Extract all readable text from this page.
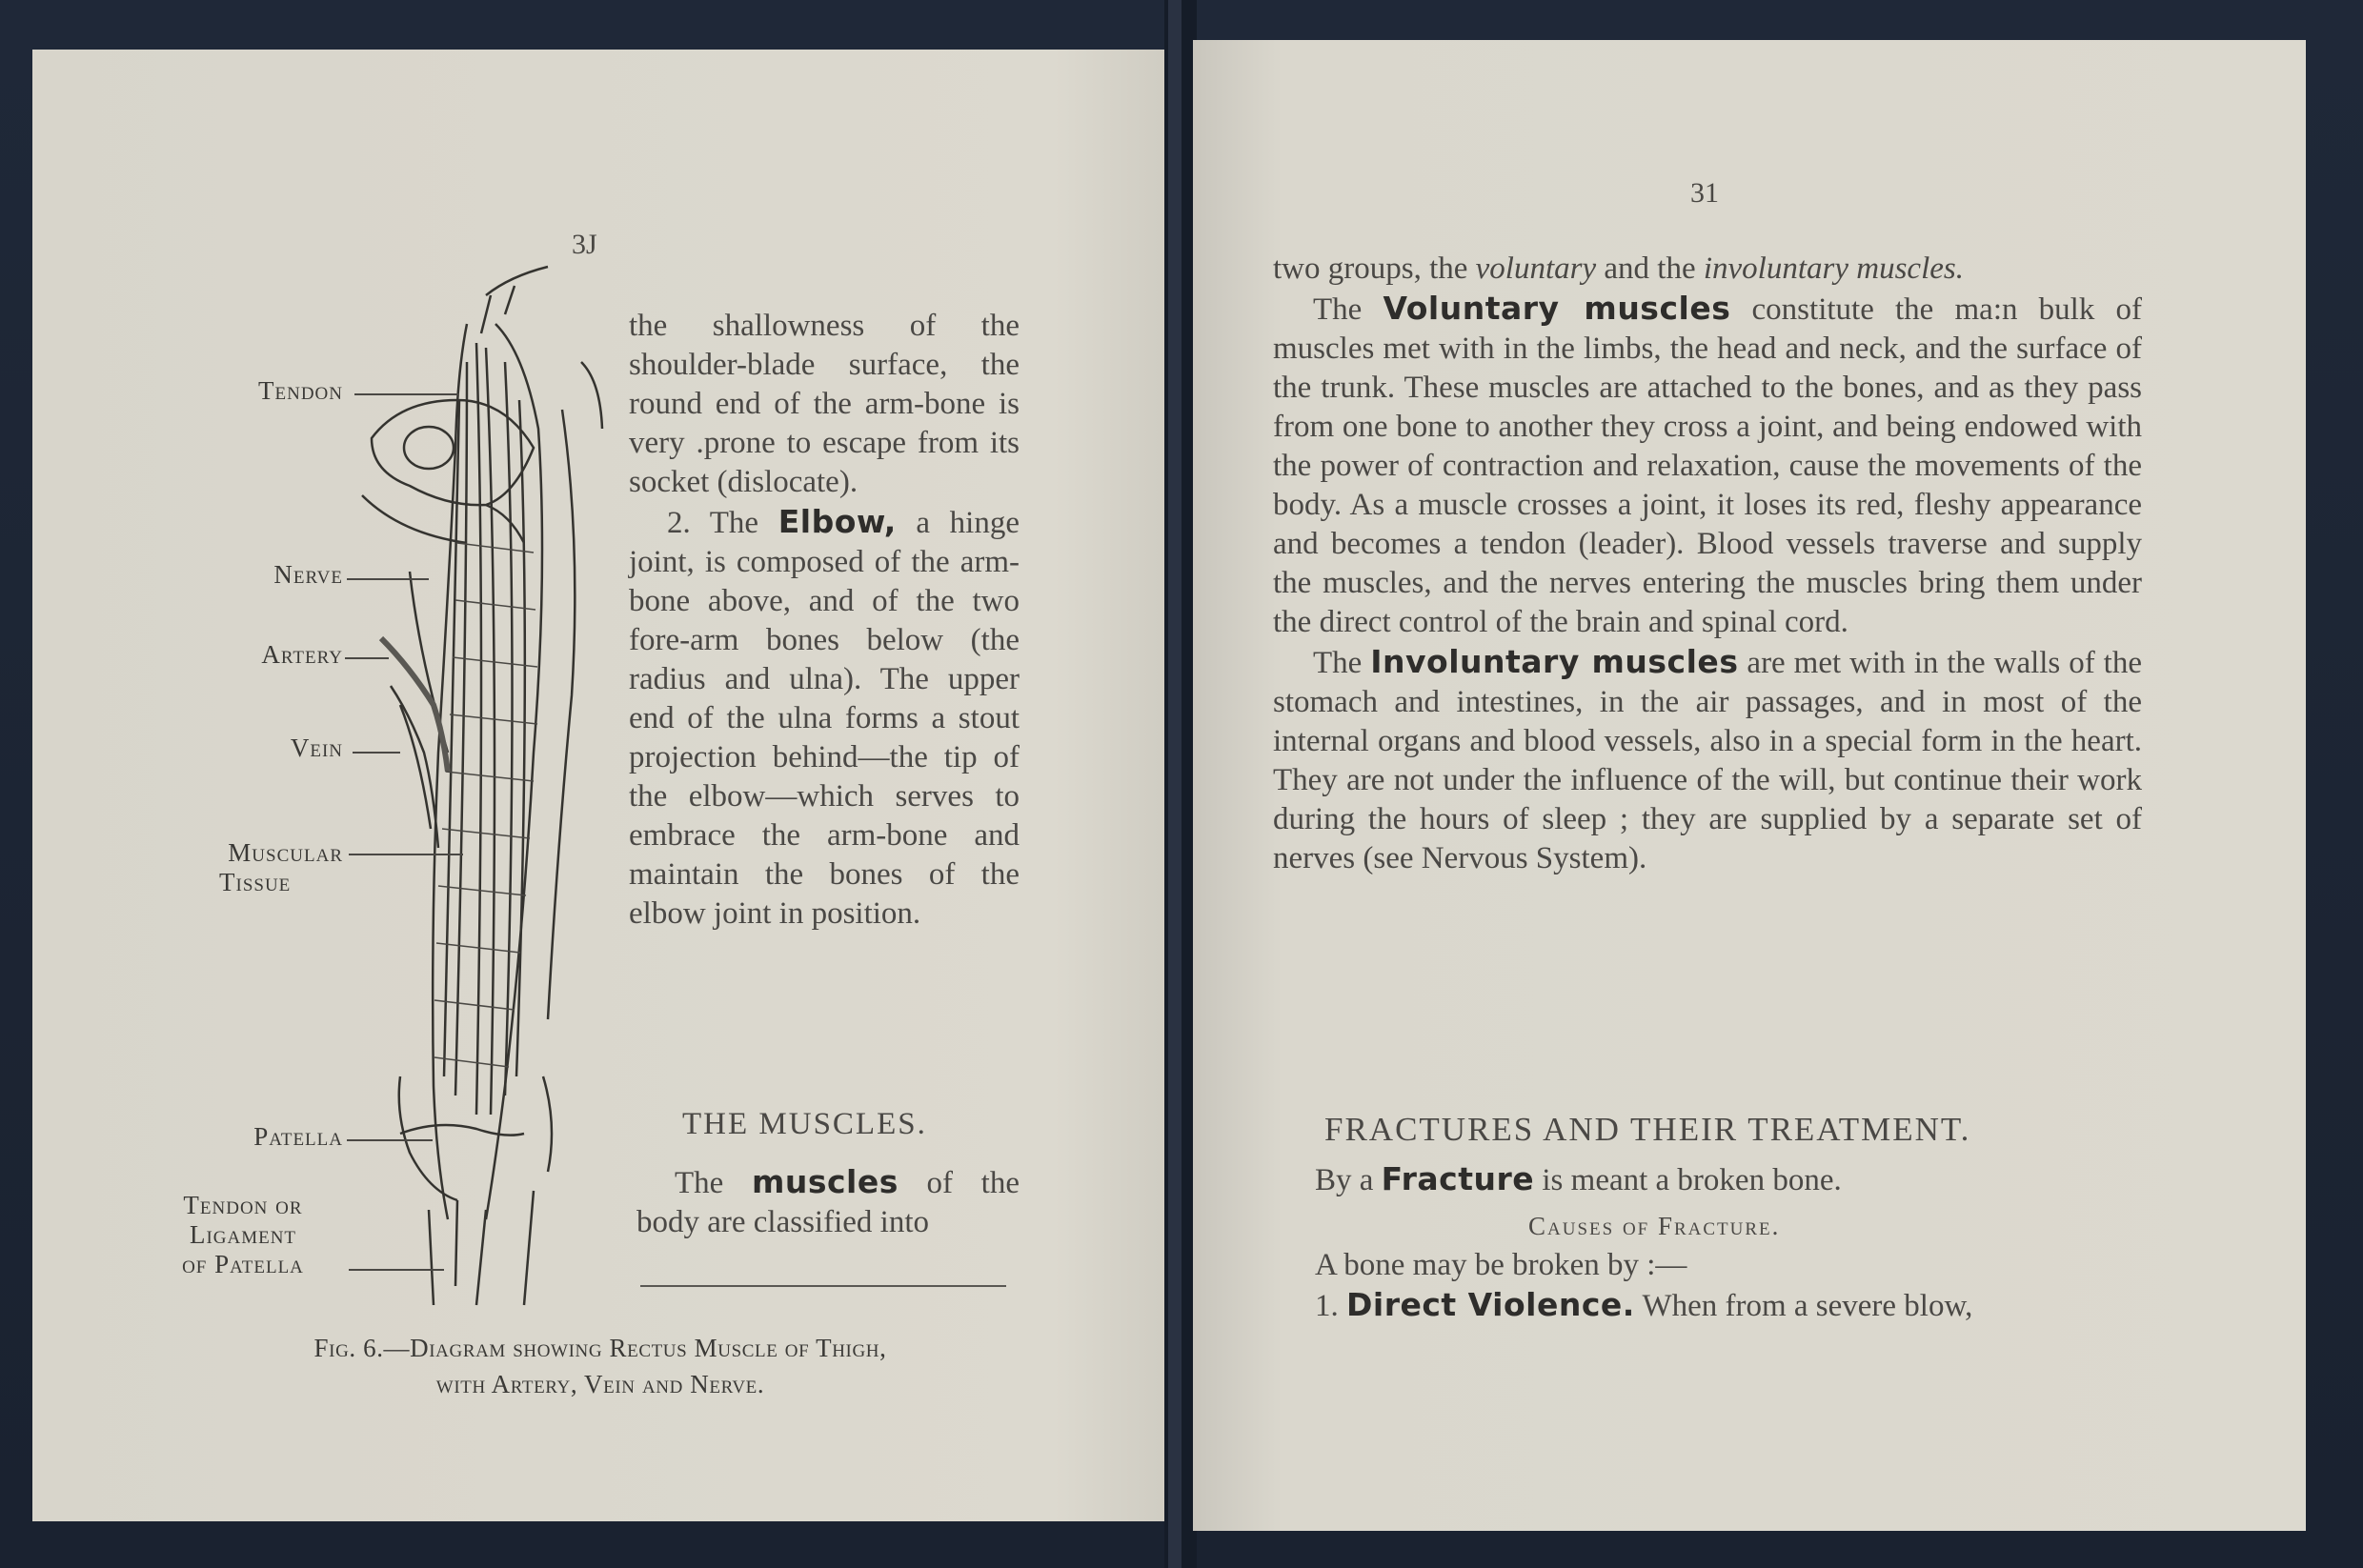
3J
Tendon
Nerve
Artery
Vein
Muscular
Tissue
Patella
Tendon or
Ligament
of Patella

the shallowness of the shoulder-blade surface, the round end of the arm-bone is very .prone to escape from its socket (dislocate).

2. The Elbow, a hinge joint, is composed of the arm-bone above, and of the two fore-arm bones below (the radius and ulna). The upper end of the ulna forms a stout projection behind—the tip of the elbow—which serves to embrace the arm-bone and maintain the bones of the elbow joint in position.

THE MUSCLES.
The muscles of the body are classified into
Fig. 6.—Diagram showing Rectus Muscle of Thigh,
with Artery, Vein and Nerve.
31

two groups, the voluntary and the involuntary muscles.

The Voluntary muscles constitute the ma:n bulk of muscles met with in the limbs, the head and neck, and the surface of the trunk. These muscles are attached to the bones, and as they pass from one bone to another they cross a joint, and being endowed with the power of contraction and relaxation, cause the movements of the body. As a muscle crosses a joint, it loses its red, fleshy appearance and becomes a tendon (leader). Blood vessels traverse and supply the muscles, and the nerves entering the muscles bring them under the direct control of the brain and spinal cord.

The Involuntary muscles are met with in the walls of the stomach and intestines, in the air passages, and in most of the internal organs and blood vessels, also in a special form in the heart. They are not under the influence of the will, but continue their work during the hours of sleep ; they are supplied by a separate set of nerves (see Nervous System).

FRACTURES AND THEIR TREATMENT.
By a Fracture is meant a broken bone.
Causes of Fracture.
A bone may be broken by :—
1. Direct Violence. When from a severe blow,
